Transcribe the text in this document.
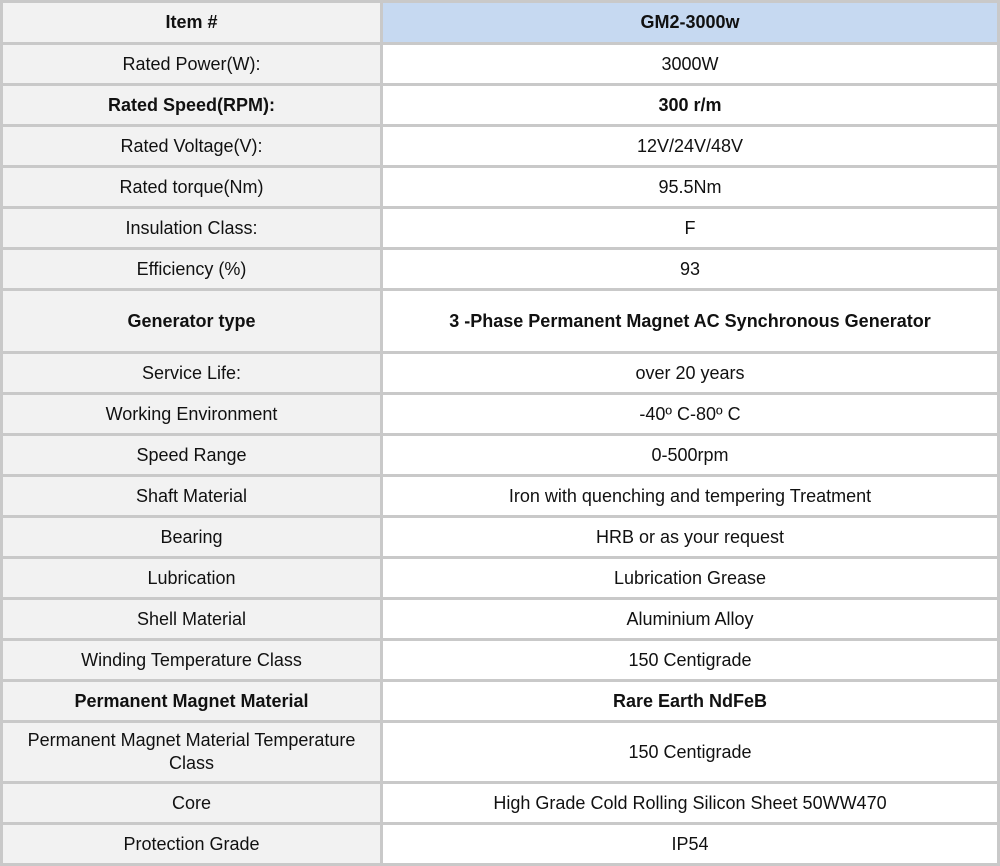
Item #	GM2-3000w
Rated Power(W):	3000W
Rated Speed(RPM):	300 r/m
Rated Voltage(V):	12V/24V/48V
Rated torque(Nm)	95.5Nm
Insulation Class:	F
Efficiency (%)	93
Generator type	3 -Phase Permanent Magnet AC Synchronous Generator
Service Life:	over 20 years
Working Environment	-40º C-80º C
Speed Range	0-500rpm
Shaft Material	Iron with quenching and tempering Treatment
Bearing	HRB or as your request
Lubrication	Lubrication Grease
Shell Material	Aluminium Alloy
Winding Temperature Class	150 Centigrade
Permanent Magnet Material	Rare Earth NdFeB
Permanent Magnet Material Temperature Class	150 Centigrade
Core	High Grade Cold Rolling Silicon Sheet 50WW470
Protection Grade	IP54
